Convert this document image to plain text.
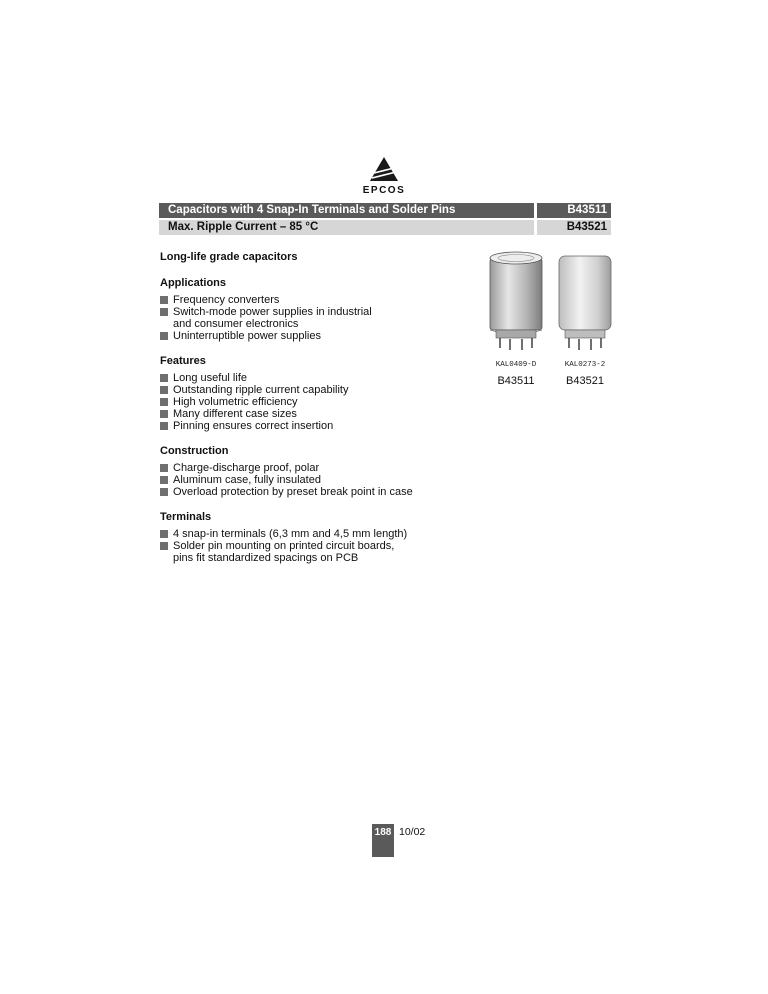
EPCOS
Capacitors with 4 Snap-In Terminals and Solder Pins	B43511
Max. Ripple Current – 85 °C	B43521

Long-life grade capacitors

Applications
Frequency converters
Switch-mode power supplies in industrial
and consumer electronics
Uninterruptible power supplies
Features
Long useful life
Outstanding ripple current capability
High volumetric efficiency
Many different case sizes
Pinning ensures correct insertion
Construction
Charge-discharge proof, polar
Aluminum case, fully insulated
Overload protection by preset break point in case
Terminals
4 snap-in terminals (6,3 mm and 4,5 mm length)
Solder pin mounting on printed circuit boards,
pins fit standardized spacings on PCB
KAL0409-D
B43511
KAL0273-2
B43521
188 10/02
